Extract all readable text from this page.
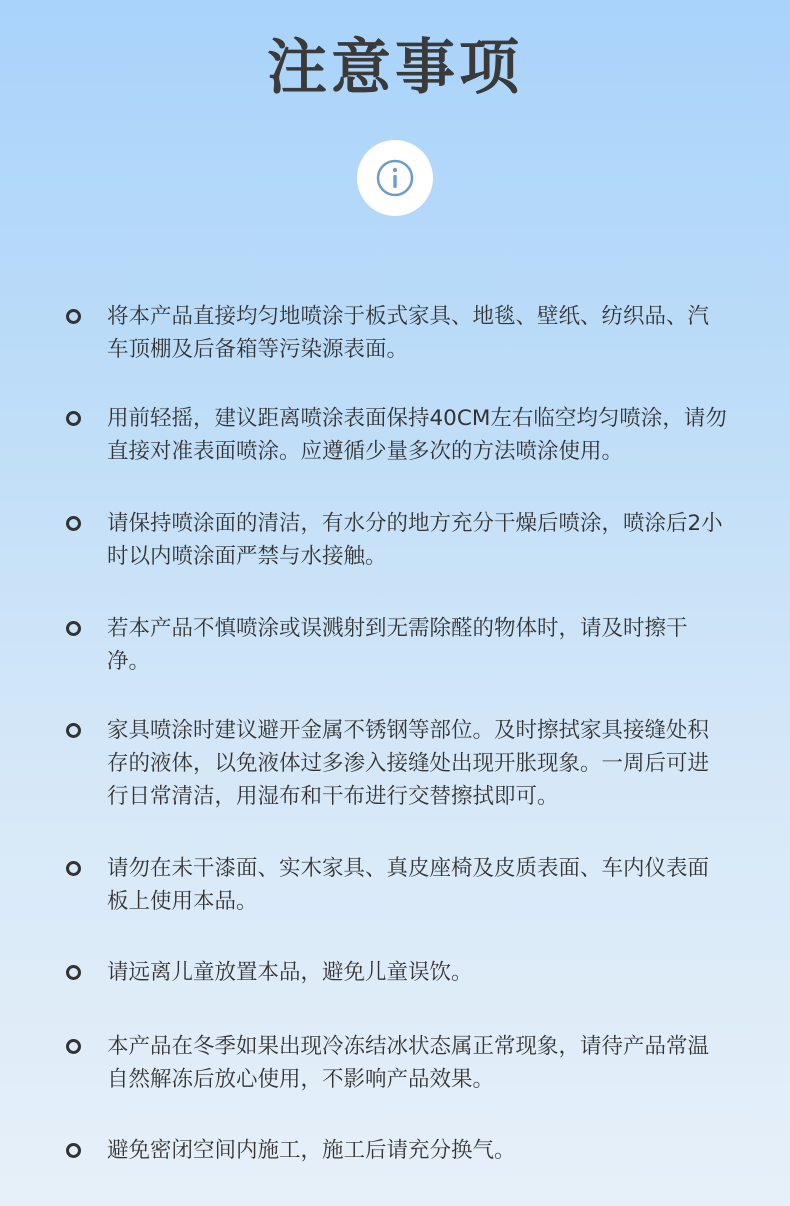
注意事项
将本产品直接均匀地喷涂于板式家具、地毯、壁纸、纺织品、汽车顶棚及后备箱等污染源表面。
用前轻摇，建议距离喷涂表面保持40CM左右临空均匀喷涂，请勿直接对准表面喷涂。应遵循少量多次的方法喷涂使用。
请保持喷涂面的清洁，有水分的地方充分干燥后喷涂，喷涂后2小时以内喷涂面严禁与水接触。
若本产品不慎喷涂或误溅射到无需除醛的物体时，请及时擦干净。
家具喷涂时建议避开金属不锈钢等部位。及时擦拭家具接缝处积存的液体，以免液体过多渗入接缝处出现开胀现象。一周后可进行日常清洁，用湿布和干布进行交替擦拭即可。
请勿在未干漆面、实木家具、真皮座椅及皮质表面、车内仪表面板上使用本品。
请远离儿童放置本品，避免儿童误饮。
本产品在冬季如果出现冷冻结冰状态属正常现象，请待产品常温自然解冻后放心使用，不影响产品效果。
避免密闭空间内施工，施工后请充分换气。
